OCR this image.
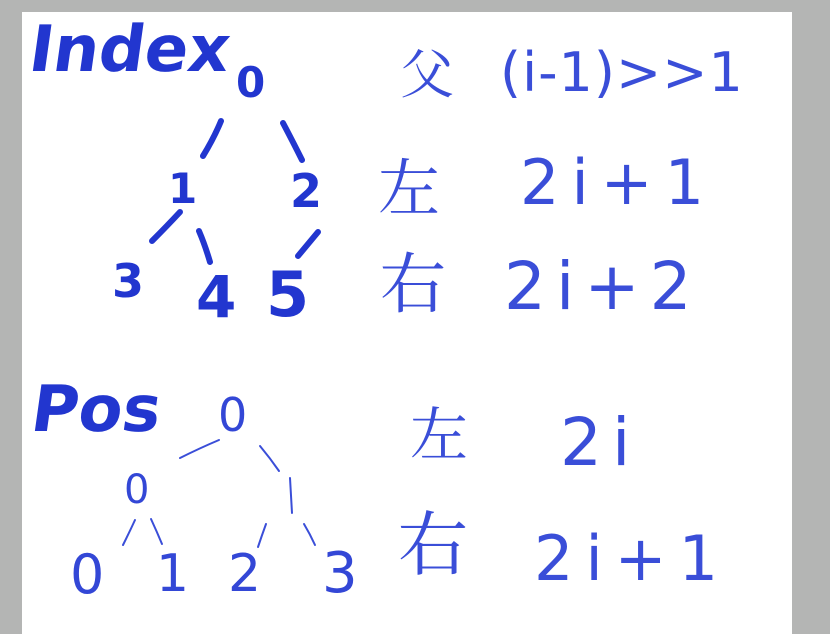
Index 0
1 2
3 4 5
父 (i-1)>>1
左 2i+1
右 2i+2
Pos 0
0
0 1 2 3
左 2i
右 2i+1
